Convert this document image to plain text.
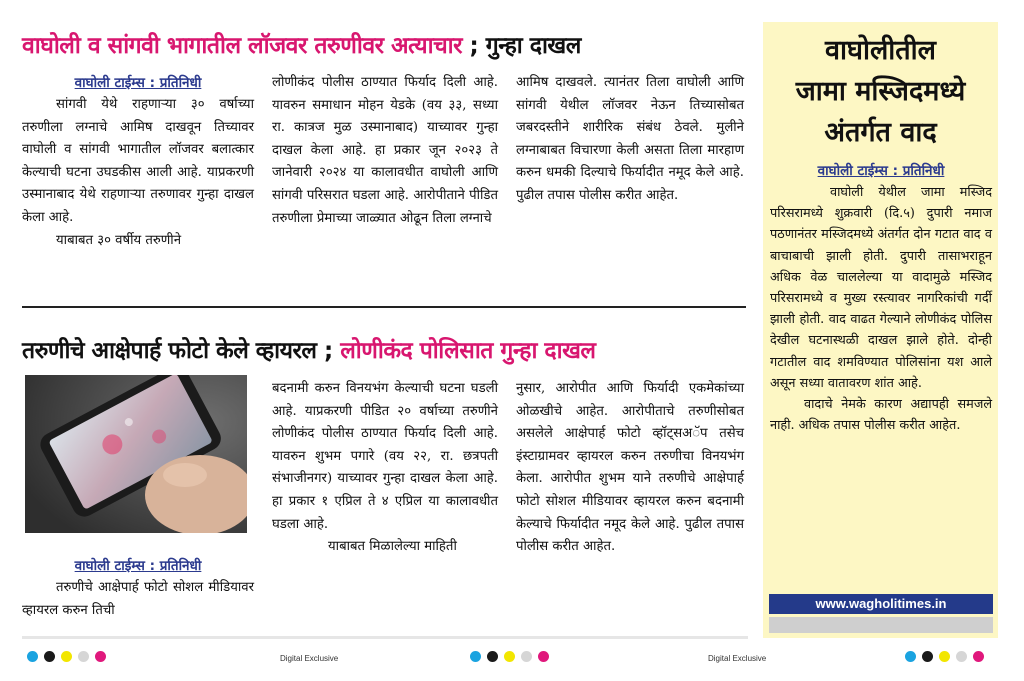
वाघोली व सांगवी भागातील लॉजवर तरुणीवर अत्याचार ; गुन्हा दाखल
वाघोली टाईम्स : प्रतिनिधी

सांगवी येथे राहणाऱ्या ३० वर्षाच्या तरुणीला लग्नाचे आमिष दाखवून तिच्यावर वाघोली व सांगवी भागातील लॉजवर बलात्कार केल्याची घटना उघडकीस आली आहे. याप्रकरणी उस्मानाबाद येथे राहणाऱ्या तरुणावर गुन्हा दाखल केला आहे.

याबाबत ३० वर्षीय तरुणीने

लोणीकंद पोलीस ठाण्यात फिर्याद दिली आहे. यावरुन समाधान मोहन येडके (वय ३३, सध्या रा. कात्रज मुळ उस्मानाबाद) याच्यावर गुन्हा दाखल केला आहे. हा प्रकार जून २०२३ ते जानेवारी २०२४ या कालावधीत वाघोली आणि सांगवी परिसरात घडला आहे. आरोपीताने पीडित तरुणीला प्रेमाच्या जाळ्यात ओढून तिला लग्नाचे

आमिष दाखवले. त्यानंतर तिला वाघोली आणि सांगवी येथील लॉजवर नेऊन तिच्यासोबत जबरदस्तीने शारीरिक संबंध ठेवले. मुलीने लग्नाबाबत विचारणा केली असता तिला मारहाण करुन धमकी दिल्याचे फिर्यादीत नमूद केले आहे. पुढील तपास पोलीस करीत आहेत.

तरुणीचे आक्षेपार्ह फोटो केले व्हायरल ; लोणीकंद पोलिसात गुन्हा दाखल
वाघोली टाईम्स : प्रतिनिधी

तरुणीचे आक्षेपार्ह फोटो सोशल मीडियावर व्हायरल करुन तिची

बदनामी करुन विनयभंग केल्याची घटना घडली आहे. याप्रकरणी पीडित २० वर्षाच्या तरुणीने लोणीकंद पोलीस ठाण्यात फिर्याद दिली आहे. यावरुन शुभम पगारे (वय २२, रा. छत्रपती संभाजीनगर) याच्यावर गुन्हा दाखल केला आहे. हा प्रकार १ एप्रिल ते ४ एप्रिल या कालावधीत घडला आहे.

याबाबत मिळालेल्या माहिती

नुसार, आरोपीत आणि फिर्यादी एकमेकांच्या ओळखीचे आहेत. आरोपीताचे तरुणीसोबत असलेले आक्षेपार्ह फोटो व्हॉट्सअॅप तसेच इंस्टाग्रामवर व्हायरल करुन तरुणीचा विनयभंग केला. आरोपीत शुभम याने तरुणीचे आक्षेपार्ह फोटो सोशल मीडियावर व्हायरल करुन बदनामी केल्याचे फिर्यादीत नमूद केले आहे. पुढील तपास पोलीस करीत आहेत.

वाघोलीतील
जामा मस्जिदमध्ये
अंतर्गत वाद
वाघोली टाईम्स : प्रतिनिधी

वाघोली येथील जामा मस्जिद परिसरामध्ये शुक्रवारी (दि.५) दुपारी नमाज पठणानंतर मस्जिदमध्ये अंतर्गत दोन गटात वाद व बाचाबाची झाली होती. दुपारी तासाभराहून अधिक वेळ चाललेल्या या वादामुळे मस्जिद परिसरामध्ये व मुख्य रस्त्यावर नागरिकांची गर्दी झाली होती. वाद वाढत गेल्याने लोणीकंद पोलिस देखील घटनास्थळी दाखल झाले होते. दोन्ही गटातील वाद शमविण्यात पोलिसांना यश आले असून सध्या वातावरण शांत आहे.

वादाचे नेमके कारण अद्यापही समजले नाही. अधिक तपास पोलीस करीत आहेत.

www.wagholitimes.in
Digital Exclusive	Digital Exclusive
